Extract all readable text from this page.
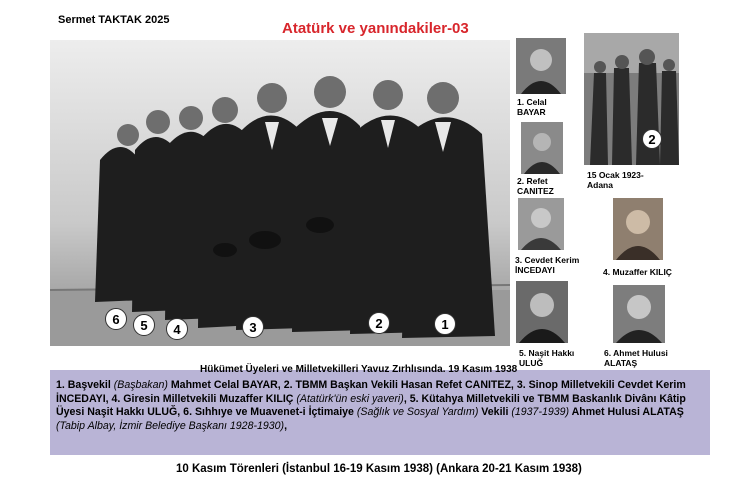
Sermet TAKTAK 2025	Atatürk ve yanındakiler-03
6	5	4	3	2	1
1. Celal
BAYAR
2. Refet
CANITEZ
3. Cevdet Kerim
İNCEDAYI
5. Naşit Hakkı
ULUĞ
2
15 Ocak 1923-
Adana
4. Muzaffer KILIÇ
6. Ahmet Hulusi
ALATAŞ
1. Başvekil (Başbakan) Mahmet Celal BAYAR, 2. TBMM Başkan Vekili Hasan Refet CANITEZ, 3. Sinop Milletvekili Cevdet Kerim İNCEDAYI, 4. Giresin Milletvekili Muzaffer KILIÇ (Atatürk'ün eski yaveri), 5. Kütahya Milletvekili ve TBMM Baskanlık Divânı Kâtip Üyesi Naşit Hakkı ULUĞ, 6. Sıhhıye ve Muavenet-i İçtimaiye (Sağlık ve Sosyal Yardım) Vekili (1937-1939) Ahmet Hulusi ALATAŞ
(Tabip Albay, İzmir Belediye Başkanı 1928-1930),
Hükümet Üyeleri ve Milletvekilleri Yavuz Zırhlısında. 19 Kasım 1938
10 Kasım Törenleri (İstanbul 16-19 Kasım 1938) (Ankara 20-21 Kasım 1938)
